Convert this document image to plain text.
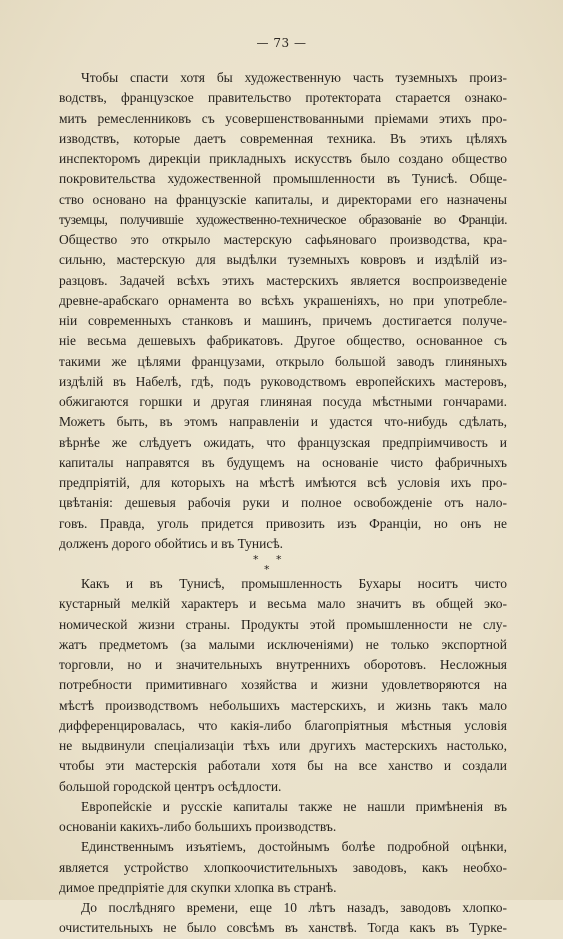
— 73 —
Чтобы спасти хотя бы художественную часть туземныхъ произ-
водствъ, французское правительство протектората старается ознако-
мить ремесленниковъ съ усовершенствованными пріемами этихъ про-
изводствъ, которые даетъ современная техника. Въ этихъ цѣляхъ
инспекторомъ дирекціи прикладныхъ искусствъ было создано общество
покровительства художественной промышленности въ Тунисѣ. Обще-
ство основано на французскіе капиталы, и директорами его назначены
туземцы, получившіе художественно-техническое образованіе во Франціи.
Общество это открыло мастерскую сафьяноваго производства, кра-
сильню, мастерскую для выдѣлки туземныхъ ковровъ и издѣлій из-
разцовъ. Задачей всѣхъ этихъ мастерскихъ является воспроизведеніе
древне-арабскаго орнамента во всѣхъ украшеніяхъ, но при употребле-
ніи современныхъ станковъ и машинъ, причемъ достигается получе-
ніе весьма дешевыхъ фабрикатовъ. Другое общество, основанное съ
такими же цѣлями французами, открыло большой заводъ глиняныхъ
издѣлій въ Набелѣ, гдѣ, подъ руководствомъ европейскихъ мастеровъ,
обжигаются горшки и другая глиняная посуда мѣстными гончарами.
Можетъ быть, въ этомъ направленіи и удастся что-нибудь сдѣлать,
вѣрнѣе же слѣдуетъ ожидать, что французская предпріимчивость и
капиталы направятся въ будущемъ на основаніе чисто фабричныхъ
предпріятій, для которыхъ на мѣстѣ имѣются всѣ условія ихъ про-
цвѣтанія: дешевыя рабочія руки и полное освобожденіе отъ нало-
говъ. Правда, уголь придется привозить изъ Франціи, но онъ не
долженъ дорого обойтись и въ Тунисѣ.
* *
*
Какъ и въ Тунисѣ, промышленность Бухары носитъ чисто
кустарный мелкій характеръ и весьма мало значитъ въ общей эко-
номической жизни страны. Продукты этой промышленности не слу-
жатъ предметомъ (за малыми исключеніями) не только экспортной
торговли, но и значительныхъ внутреннихъ оборотовъ. Несложныя
потребности примитивнаго хозяйства и жизни удовлетворяются на
мѣстѣ производствомъ небольшихъ мастерскихъ, и жизнь такъ мало
дифференцировалась, что какія-либо благопріятныя мѣстныя условія
не выдвинули спеціализаціи тѣхъ или другихъ мастерскихъ настолько,
чтобы эти мастерскія работали хотя бы на все ханство и создали
большой городской центръ осѣдлости.
Европейскіе и русскіе капиталы также не нашли примѣненія въ
основаніи какихъ-либо большихъ производствъ.
Единственнымъ изъятіемъ, достойнымъ болѣе подробной оцѣнки,
является устройство хлопкоочистительныхъ заводовъ, какъ необхо-
димое предпріятіе для скупки хлопка въ странѣ.
До послѣдняго времени, еще 10 лѣтъ назадъ, заводовъ хлопко-
очистительныхъ не было совсѣмъ въ ханствѣ. Тогда какъ въ Турке-
